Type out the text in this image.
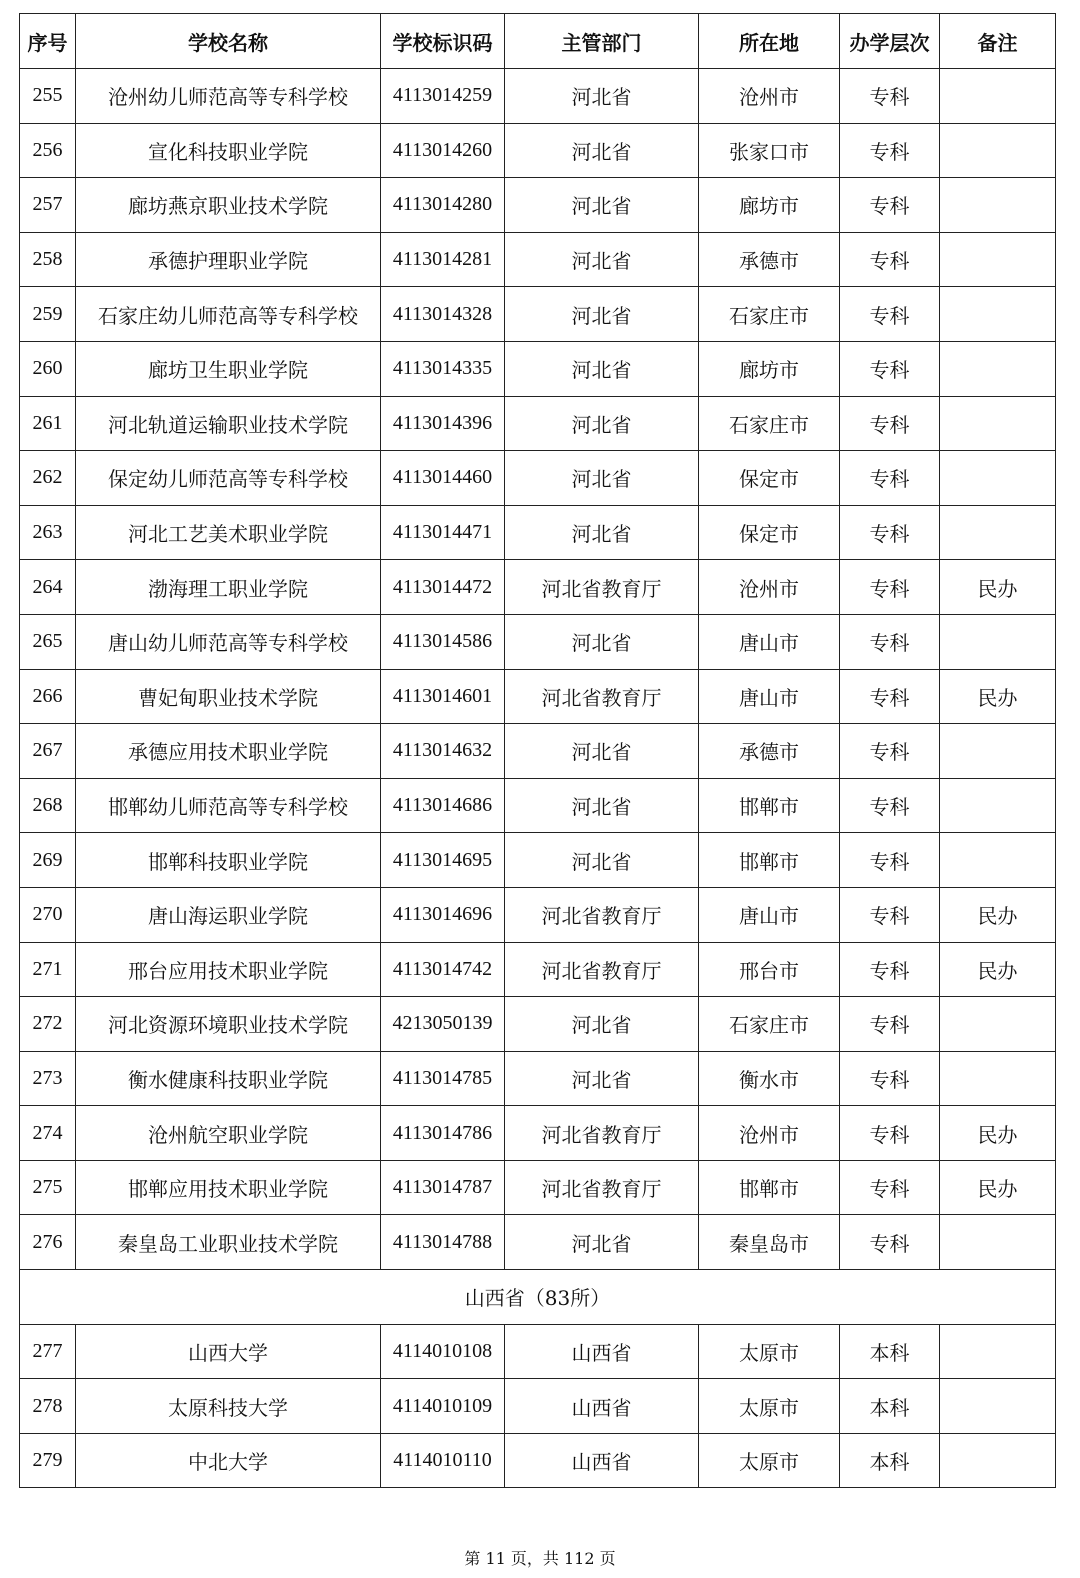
序号	学校名称	学校标识码	主管部门	所在地	办学层次	备注
255	沧州幼儿师范高等专科学校	4113014259	河北省	沧州市	专科	
256	宣化科技职业学院	4113014260	河北省	张家口市	专科	
257	廊坊燕京职业技术学院	4113014280	河北省	廊坊市	专科	
258	承德护理职业学院	4113014281	河北省	承德市	专科	
259	石家庄幼儿师范高等专科学校	4113014328	河北省	石家庄市	专科	
260	廊坊卫生职业学院	4113014335	河北省	廊坊市	专科	
261	河北轨道运输职业技术学院	4113014396	河北省	石家庄市	专科	
262	保定幼儿师范高等专科学校	4113014460	河北省	保定市	专科	
263	河北工艺美术职业学院	4113014471	河北省	保定市	专科	
264	渤海理工职业学院	4113014472	河北省教育厅	沧州市	专科	民办
265	唐山幼儿师范高等专科学校	4113014586	河北省	唐山市	专科	
266	曹妃甸职业技术学院	4113014601	河北省教育厅	唐山市	专科	民办
267	承德应用技术职业学院	4113014632	河北省	承德市	专科	
268	邯郸幼儿师范高等专科学校	4113014686	河北省	邯郸市	专科	
269	邯郸科技职业学院	4113014695	河北省	邯郸市	专科	
270	唐山海运职业学院	4113014696	河北省教育厅	唐山市	专科	民办
271	邢台应用技术职业学院	4113014742	河北省教育厅	邢台市	专科	民办
272	河北资源环境职业技术学院	4213050139	河北省	石家庄市	专科	
273	衡水健康科技职业学院	4113014785	河北省	衡水市	专科	
274	沧州航空职业学院	4113014786	河北省教育厅	沧州市	专科	民办
275	邯郸应用技术职业学院	4113014787	河北省教育厅	邯郸市	专科	民办
276	秦皇岛工业职业技术学院	4113014788	河北省	秦皇岛市	专科	
山西省（83所）						
277	山西大学	4114010108	山西省	太原市	本科	
278	太原科技大学	4114010109	山西省	太原市	本科	
279	中北大学	4114010110	山西省	太原市	本科	
第 11 页，共 112 页
